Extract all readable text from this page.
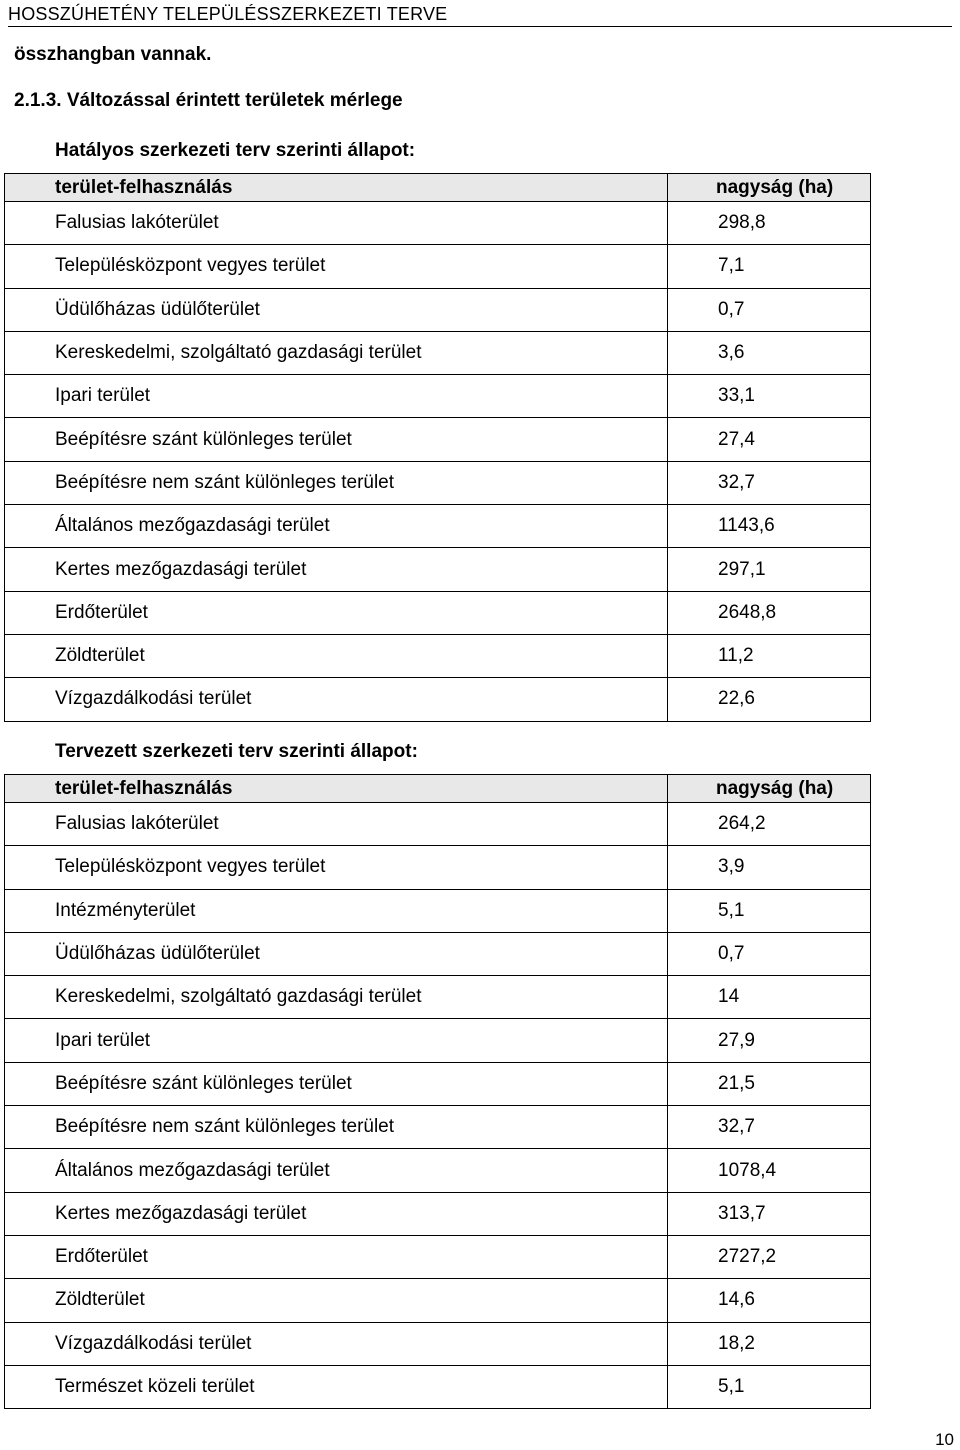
HOSSZÚHETÉNY TELEPÜLÉSSZERKEZETI TERVE
összhangban vannak.
2.1.3. Változással érintett területek mérlege
Hatályos szerkezeti terv szerinti állapot:
terület-felhasználás	nagyság (ha)
Falusias lakóterület	298,8
Településközpont vegyes terület	7,1
Üdülőházas üdülőterület	0,7
Kereskedelmi, szolgáltató gazdasági terület	3,6
Ipari terület	33,1
Beépítésre szánt különleges terület	27,4
Beépítésre nem szánt különleges terület	32,7
Általános mezőgazdasági terület	1143,6
Kertes mezőgazdasági terület	297,1
Erdőterület	2648,8
Zöldterület	11,2
Vízgazdálkodási terület	22,6
Tervezett szerkezeti terv szerinti állapot:
terület-felhasználás	nagyság (ha)
Falusias lakóterület	264,2
Településközpont vegyes terület	3,9
Intézményterület	5,1
Üdülőházas üdülőterület	0,7
Kereskedelmi, szolgáltató gazdasági terület	14
Ipari terület	27,9
Beépítésre szánt különleges terület	21,5
Beépítésre nem szánt különleges terület	32,7
Általános mezőgazdasági terület	1078,4
Kertes mezőgazdasági terület	313,7
Erdőterület	2727,2
Zöldterület	14,6
Vízgazdálkodási terület	18,2
Természet közeli terület	5,1
10
